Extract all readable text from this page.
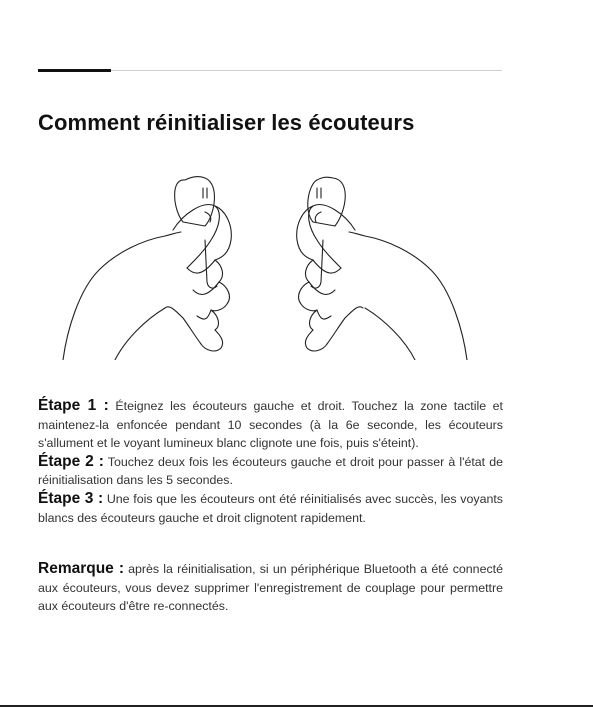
Comment réinitialiser les écouteurs

Étape 1 : Éteignez les écouteurs gauche et droit. Touchez la zone tactile et maintenez-la enfoncée pendant 10 secondes (à la 6e seconde, les écouteurs s'allument et le voyant lumineux blanc clignote une fois, puis s'éteint).

Étape 2 : Touchez deux fois les écouteurs gauche et droit pour passer à l'état de réinitialisation dans les 5 secondes.

Étape 3 : Une fois que les écouteurs ont été réinitialisés avec succès, les voyants blancs des écouteurs gauche et droit clignotent rapidement.

Remarque : après la réinitialisation, si un périphérique Bluetooth a été connecté aux écouteurs, vous devez supprimer l'enregistrement de couplage pour permettre aux écouteurs d'être re-connectés.
